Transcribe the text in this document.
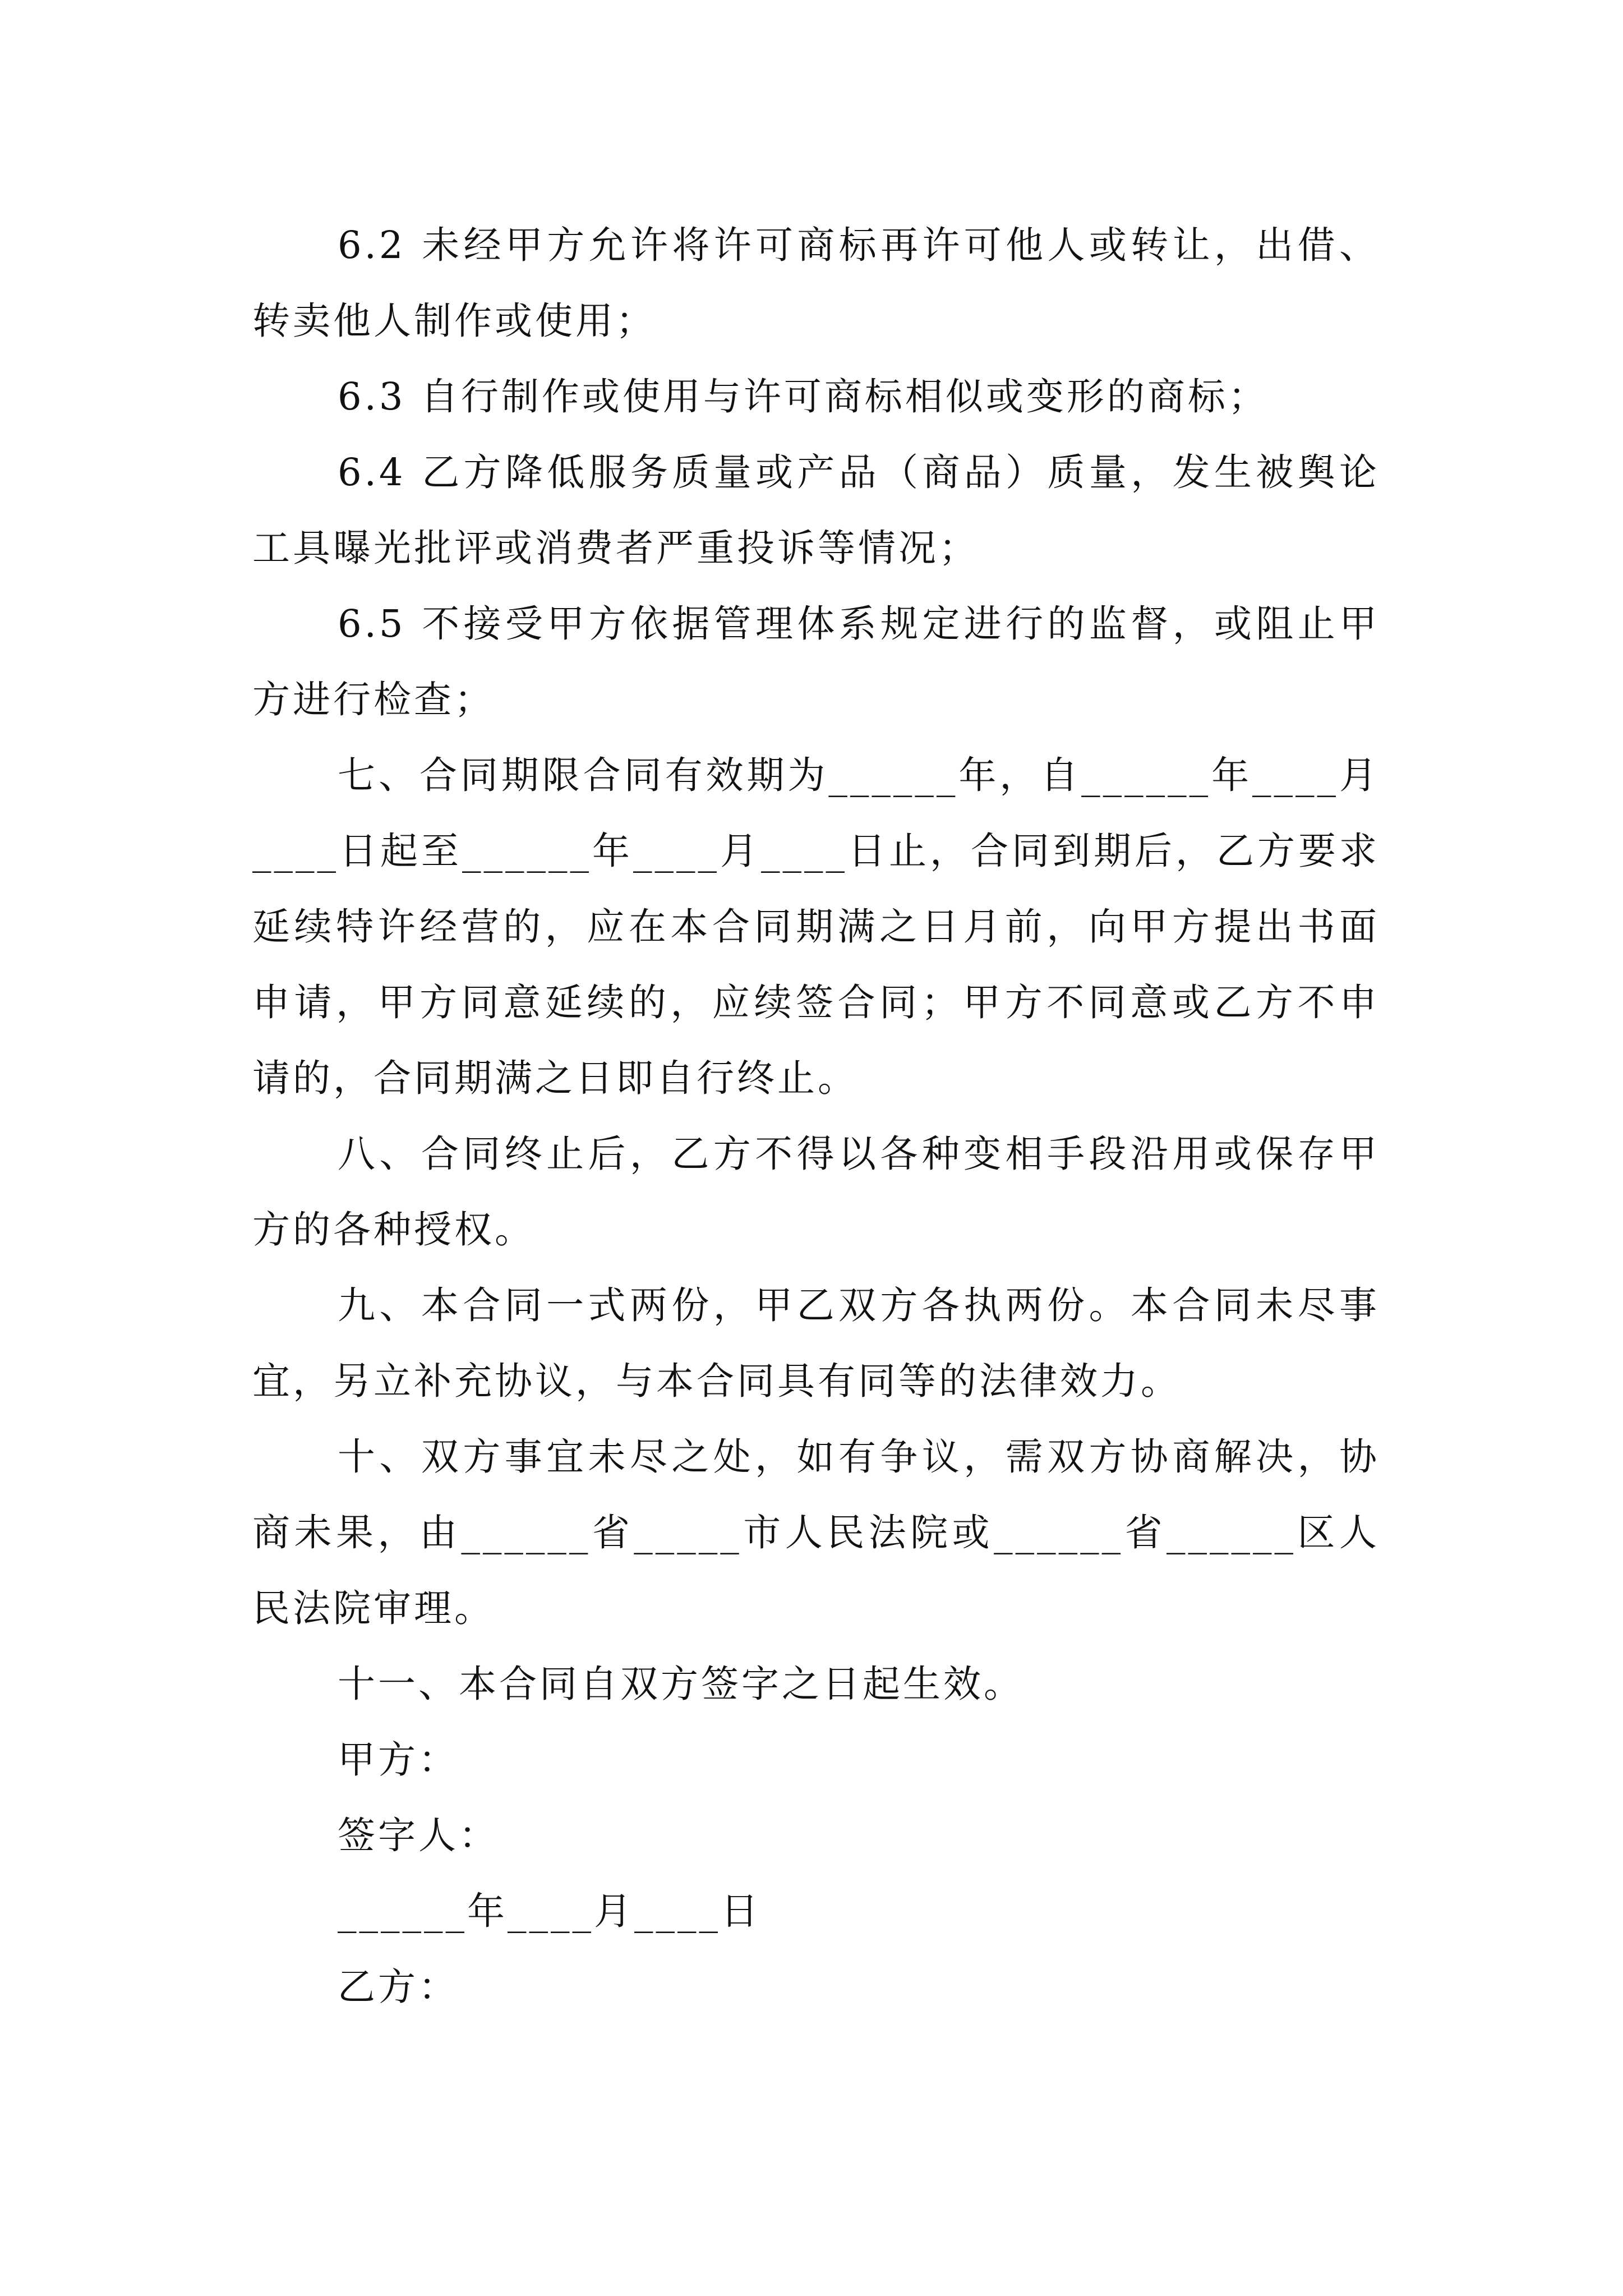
6.2 未经甲方允许将许可商标再许可他人或转让，出借、转卖他人制作或使用；

6.3 自行制作或使用与许可商标相似或变形的商标；

6.4 乙方降低服务质量或产品（商品）质量，发生被舆论工具曝光批评或消费者严重投诉等情况；

6.5 不接受甲方依据管理体系规定进行的监督，或阻止甲方进行检查；

七、合同期限合同有效期为______年，自______年____月____日起至______年____月____日止，合同到期后，乙方要求延续特许经营的，应在本合同期满之日月前，向甲方提出书面申请，甲方同意延续的，应续签合同；甲方不同意或乙方不申请的，合同期满之日即自行终止。

八、合同终止后，乙方不得以各种变相手段沿用或保存甲方的各种授权。

九、本合同一式两份，甲乙双方各执两份。本合同未尽事宜，另立补充协议，与本合同具有同等的法律效力。

十、双方事宜未尽之处，如有争议，需双方协商解决，协商未果，由______省_____市人民法院或______省______区人民法院审理。

十一、本合同自双方签字之日起生效。

甲方：

签字人：

______年____月____日

乙方：
